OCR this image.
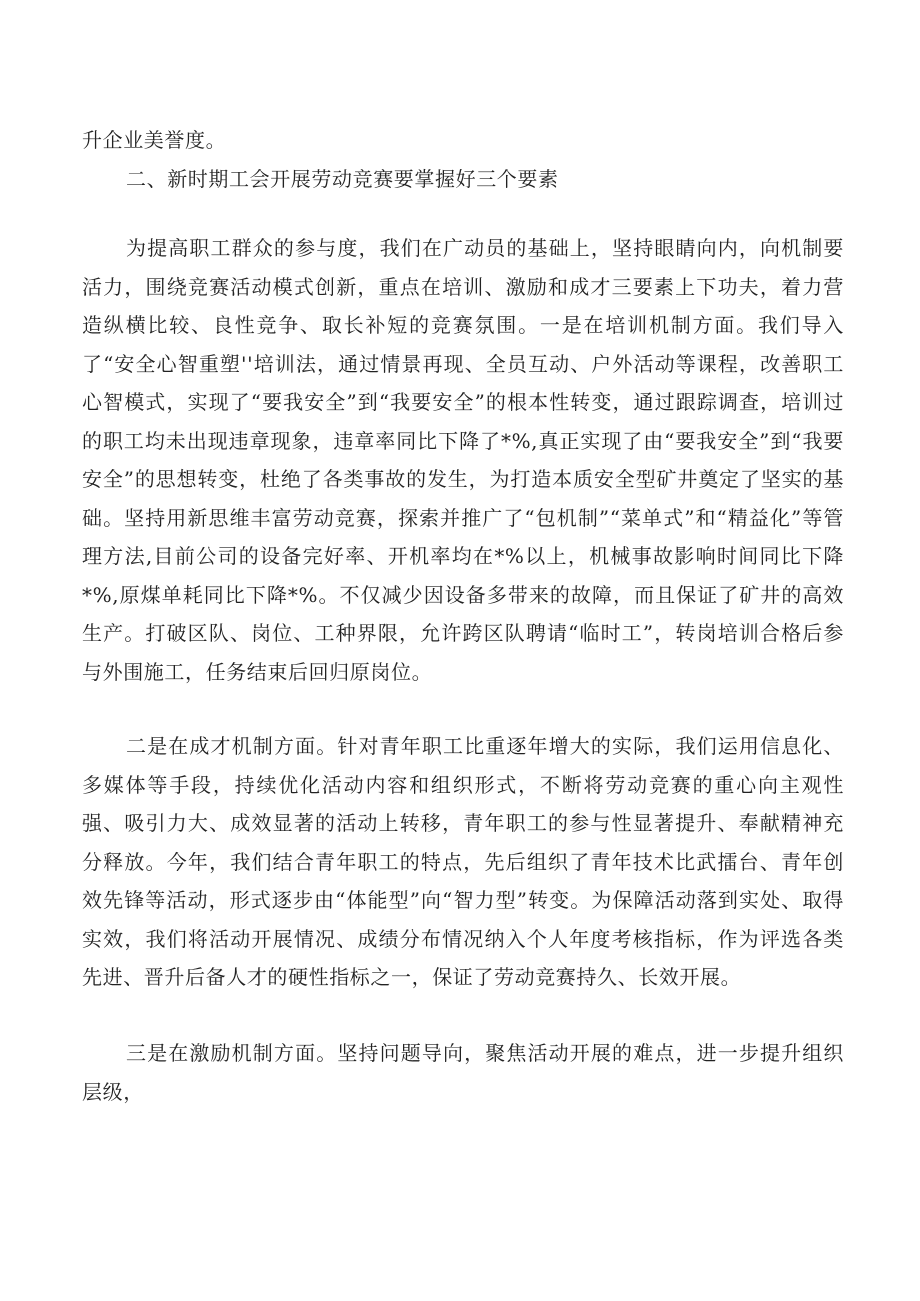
升企业美誉度。

二、新时期工会开展劳动竞赛要掌握好三个要素

为提高职工群众的参与度，我们在广动员的基础上，坚持眼睛向内，向机制要活力，围绕竞赛活动模式创新，重点在培训、激励和成才三要素上下功夫，着力营造纵横比较、良性竞争、取长补短的竞赛氛围。一是在培训机制方面。我们导入了“安全心智重塑''培训法，通过情景再现、全员互动、户外活动等课程，改善职工心智模式，实现了“要我安全”到“我要安全”的根本性转变，通过跟踪调查，培训过的职工均未出现违章现象，违章率同比下降了*%,真正实现了由“要我安全”到“我要安全”的思想转变，杜绝了各类事故的发生，为打造本质安全型矿井奠定了坚实的基础。坚持用新思维丰富劳动竞赛，探索并推广了“包机制”“菜单式”和“精益化”等管理方法,目前公司的设备完好率、开机率均在*%以上，机械事故影响时间同比下降*%,原煤单耗同比下降*%。不仅减少因设备多带来的故障，而且保证了矿井的高效生产。打破区队、岗位、工种界限，允许跨区队聘请“临时工”，转岗培训合格后参与外围施工，任务结束后回归原岗位。

二是在成才机制方面。针对青年职工比重逐年增大的实际，我们运用信息化、多媒体等手段，持续优化活动内容和组织形式，不断将劳动竞赛的重心向主观性强、吸引力大、成效显著的活动上转移，青年职工的参与性显著提升、奉献精神充分释放。今年，我们结合青年职工的特点，先后组织了青年技术比武擂台、青年创效先锋等活动，形式逐步由“体能型”向“智力型”转变。为保障活动落到实处、取得实效，我们将活动开展情况、成绩分布情况纳入个人年度考核指标，作为评选各类先进、晋升后备人才的硬性指标之一，保证了劳动竞赛持久、长效开展。

三是在激励机制方面。坚持问题导向，聚焦活动开展的难点，进一步提升组织层级，
